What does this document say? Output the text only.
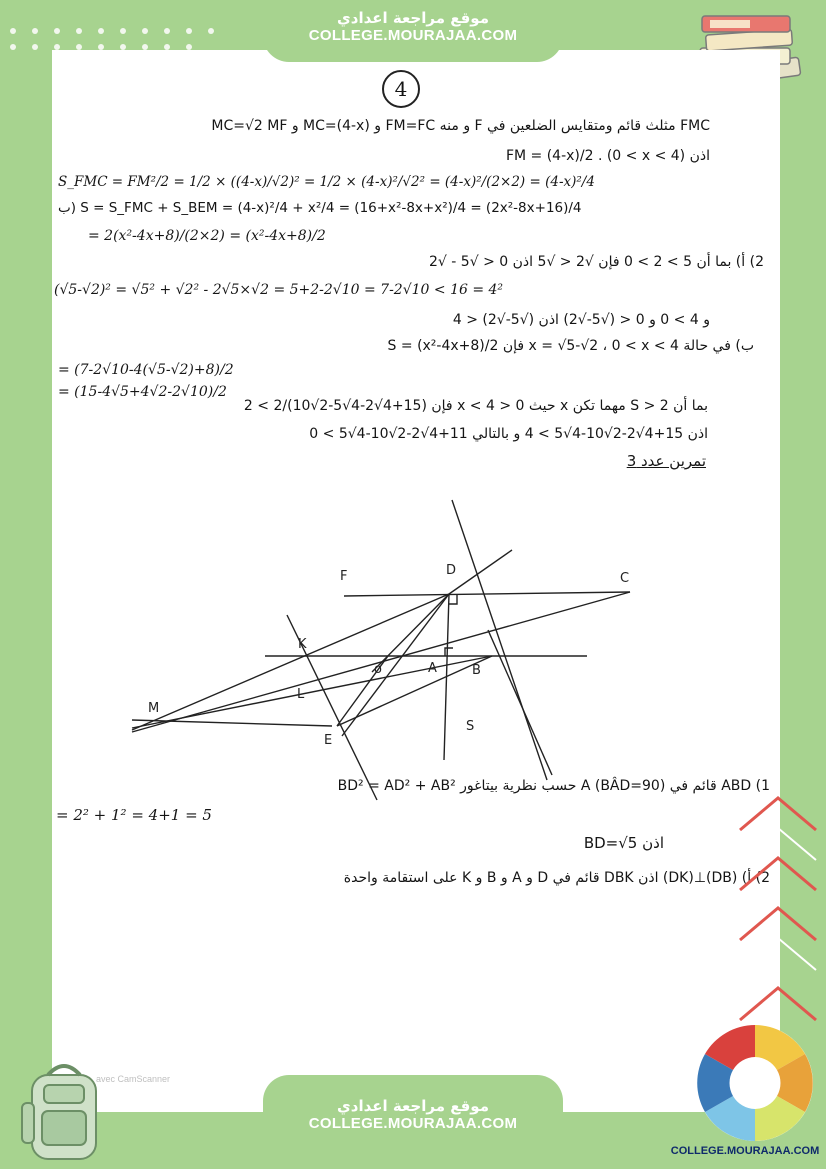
4
FMC مثلث قائم ومتقايس الضلعين في F و منه FM=FC و MC=(4-x) و MC=√2 MF
اذن FM = (4-x)/2 . (0 < x < 4)
S_FMC = FM²/2 = 1/2 × ((4-x)/√2)² = 1/2 × (4-x)²/√2² = (4-x)²/(2×2) = (4-x)²/4
ب) S = S_FMC + S_BEM = (4-x)²/4 + x²/4 = (16+x²-8x+x²)/4 = (2x²-8x+16)/4
= 2(x²-4x+8)/(2×2) = (x²-4x+8)/2
2) أ) بما أن 5 > 2 > 0 فإن √2 < √5 اذن 0 < √5 - √2
(√5-√2)² = √5² + √2² - 2√5×√2 = 5+2-2√10 = 7-2√10 < 16 = 4²
و 4 > 0 و 0 < (√5-√2) اذن (√5-√2) < 4
ب) في حالة x = √5-√2 ، 0 < x < 4 فإن S = (x²-4x+8)/2
= (7-2√10-4(√5-√2)+8)/2
= (15-4√5+4√2-2√10)/2
بما أن S > 2 مهما تكن x حيث 0 < x < 4 فإن (15+4√2-4√5-2√10)/2 > 2
اذن 15+4√2-2√10-4√5 > 4 و بالتالي 11+4√2-2√10-4√5 > 0
تمرين عدد 3
1) ABD قائم في A (BÂD=90) حسب نظرية بيتاغور BD² = AD² + AB²
= 2² + 1² = 4+1 = 5
اذن BD=√5
2) أ) (DB)⊥(DK) اذن DBK قائم في D و A و B و K على استقامة واحدة
F	D
C
K
o	A	B
L
M
E
S
avec CamScanner
موقع مراجعة اعدادي
COLLEGE.MOURAJAA.COM
موقع مراجعة اعدادي
COLLEGE.MOURAJAA.COM
COLLEGE.MOURAJAA.COM
